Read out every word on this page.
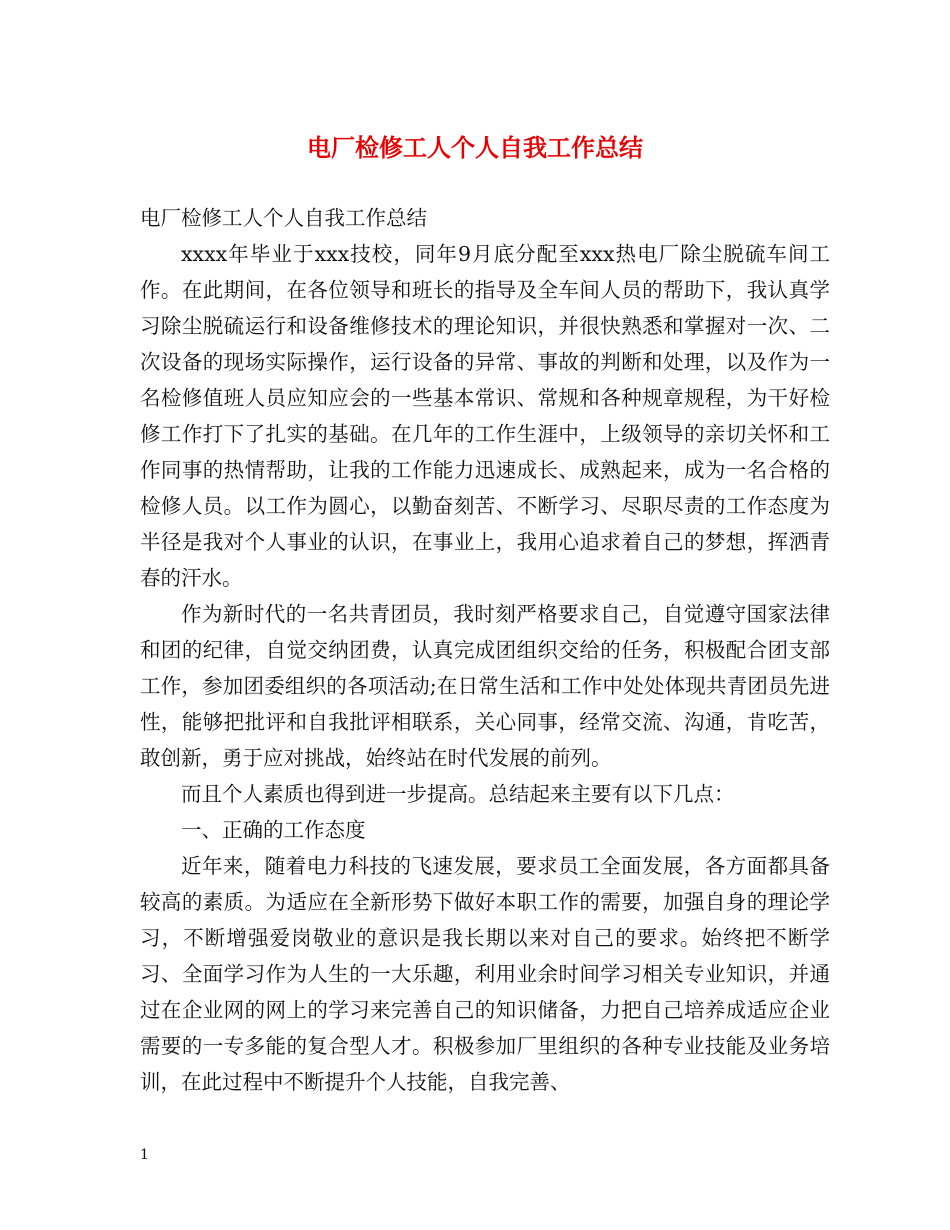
电厂检修工人个人自我工作总结

电厂检修工人个人自我工作总结

xxxx年毕业于xxx技校，同年9月底分配至xxx热电厂除尘脱硫车间工作。在此期间，在各位领导和班长的指导及全车间人员的帮助下，我认真学习除尘脱硫运行和设备维修技术的理论知识，并很快熟悉和掌握对一次、二次设备的现场实际操作，运行设备的异常、事故的判断和处理，以及作为一名检修值班人员应知应会的一些基本常识、常规和各种规章规程，为干好检修工作打下了扎实的基础。在几年的工作生涯中，上级领导的亲切关怀和工作同事的热情帮助，让我的工作能力迅速成长、成熟起来，成为一名合格的检修人员。以工作为圆心，以勤奋刻苦、不断学习、尽职尽责的工作态度为半径是我对个人事业的认识，在事业上，我用心追求着自己的梦想，挥洒青春的汗水。

作为新时代的一名共青团员，我时刻严格要求自己，自觉遵守国家法律和团的纪律，自觉交纳团费，认真完成团组织交给的任务，积极配合团支部工作，参加团委组织的各项活动;在日常生活和工作中处处体现共青团员先进性，能够把批评和自我批评相联系，关心同事，经常交流、沟通，肯吃苦，敢创新，勇于应对挑战，始终站在时代发展的前列。

而且个人素质也得到进一步提高。总结起来主要有以下几点：

一、正确的工作态度

近年来，随着电力科技的飞速发展，要求员工全面发展，各方面都具备较高的素质。为适应在全新形势下做好本职工作的需要，加强自身的理论学习，不断增强爱岗敬业的意识是我长期以来对自己的要求。始终把不断学习、全面学习作为人生的一大乐趣，利用业余时间学习相关专业知识，并通过在企业网的网上的学习来完善自己的知识储备，力把自己培养成适应企业需要的一专多能的复合型人才。积极参加厂里组织的各种专业技能及业务培训，在此过程中不断提升个人技能，自我完善、

1
